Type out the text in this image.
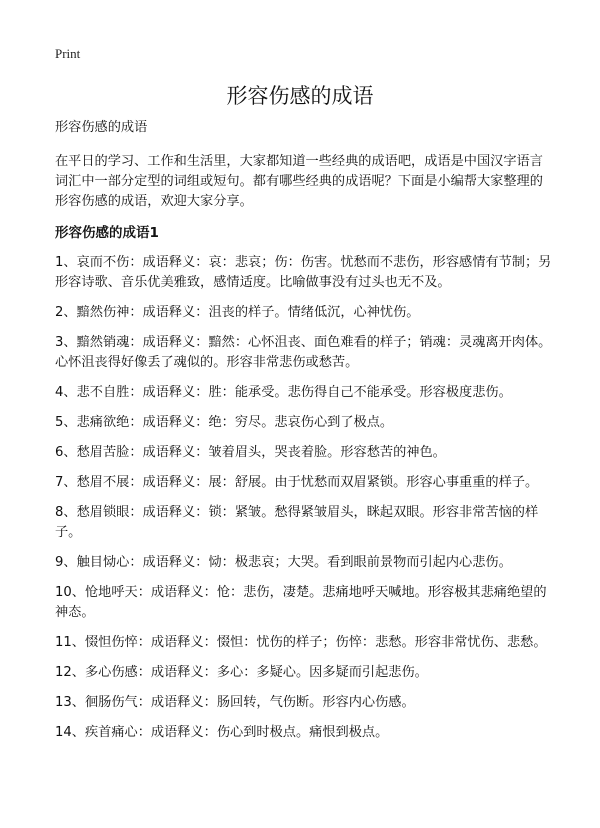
Print
形容伤感的成语

形容伤感的成语

在平日的学习、工作和生活里，大家都知道一些经典的成语吧，成语是中国汉字语言词汇中一部分定型的词组或短句。都有哪些经典的成语呢？下面是小编帮大家整理的形容伤感的成语，欢迎大家分享。

形容伤感的成语1

1、哀而不伤：成语释义：哀：悲哀；伤：伤害。忧愁而不悲伤，形容感情有节制；另形容诗歌、音乐优美雅致，感情适度。比喻做事没有过头也无不及。
2、黯然伤神：成语释义：沮丧的样子。情绪低沉，心神忧伤。
3、黯然销魂：成语释义：黯然：心怀沮丧、面色难看的样子；销魂：灵魂离开肉体。心怀沮丧得好像丢了魂似的。形容非常悲伤或愁苦。
4、悲不自胜：成语释义：胜：能承受。悲伤得自己不能承受。形容极度悲伤。
5、悲痛欲绝：成语释义：绝：穷尽。悲哀伤心到了极点。
6、愁眉苦脸：成语释义：皱着眉头，哭丧着脸。形容愁苦的神色。
7、愁眉不展：成语释义：展：舒展。由于忧愁而双眉紧锁。形容心事重重的样子。
8、愁眉锁眼：成语释义：锁：紧皱。愁得紧皱眉头，眯起双眼。形容非常苦恼的样子。
9、触目恸心：成语释义：恸：极悲哀；大哭。看到眼前景物而引起内心悲伤。
10、怆地呼天：成语释义：怆：悲伤，凄楚。悲痛地呼天喊地。形容极其悲痛绝望的神态。
11、惙怛伤悴：成语释义：惙怛：忧伤的样子；伤悴：悲愁。形容非常忧伤、悲愁。
12、多心伤感：成语释义：多心：多疑心。因多疑而引起悲伤。
13、徊肠伤气：成语释义：肠回转，气伤断。形容内心伤感。
14、疾首痛心：成语释义：伤心到时极点。痛恨到极点。
